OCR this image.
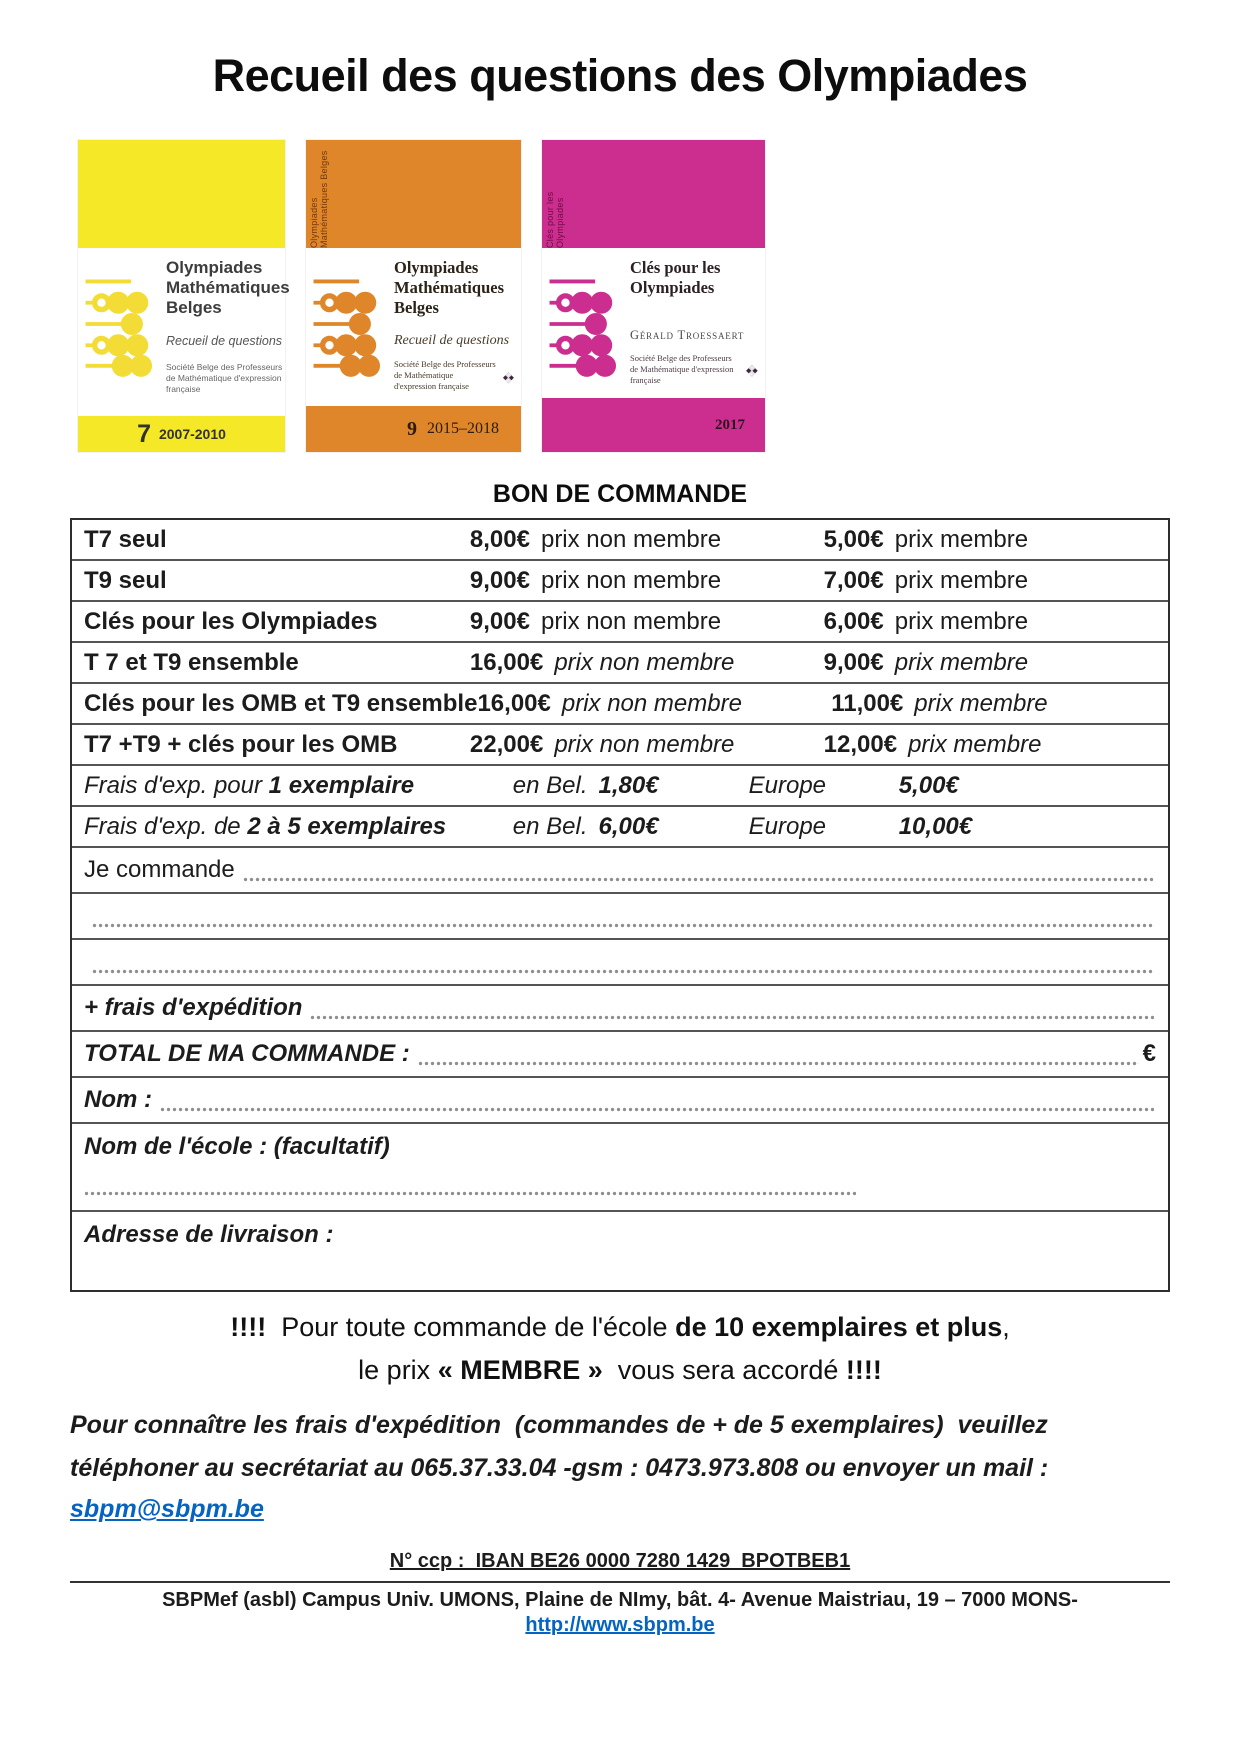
Recueil des questions des Olympiades
Olympiades Mathématiques Belges
Recueil de questions
Société Belge des Professeurs de Mathématique d'expression française
7 2007-2010
Olympiades Mathématiques Belges
Olympiades Mathématiques Belges
Recueil de questions
Société Belge des Professeurs de Mathématique d'expression française
S
P
M
9 2015–2018
Clés pour les Olympiades
Clés pour les Olympiades
Gérald Troessaert
Société Belge des Professeurs de Mathématique d'expression française
S
P
M
2017
BON DE COMMANDE
T7 seul	8,00€ prix non membre	5,00€ prix membre
T9 seul	9,00€ prix non membre	7,00€ prix membre
Clés pour les Olympiades	9,00€ prix non membre	6,00€ prix membre
T 7 et T9 ensemble	16,00€ prix non membre	9,00€ prix membre
Clés pour les OMB et T9 ensemble 16,00€ prix non membre	11,00€ prix membre
T7 +T9 + clés pour les OMB	22,00€ prix non membre	12,00€ prix membre
Frais d'exp. pour 1 exemplaire	en Bel. 1,80€	Europe	5,00€
Frais d'exp. de 2 à 5 exemplaires	en Bel. 6,00€	Europe	10,00€
Je commande
+ frais d'expédition
TOTAL DE MA COMMANDE :	€
Nom :
Nom de l'école : (facultatif)
Adresse de livraison :
!!!!  Pour toute commande de l'école de 10 exemplaires et plus,
le prix « MEMBRE »  vous sera accordé !!!!
Pour connaître les frais d'expédition  (commandes de + de 5 exemplaires)  veuillez téléphoner au secrétariat au 065.37.33.04 -gsm : 0473.973.808 ou envoyer un mail :
sbpm@sbpm.be
N° ccp :  IBAN BE26 0000 7280 1429  BPOTBEB1
SBPMef (asbl) Campus Univ. UMONS, Plaine de NImy, bât. 4- Avenue Maistriau, 19 – 7000 MONS-
http://www.sbpm.be
